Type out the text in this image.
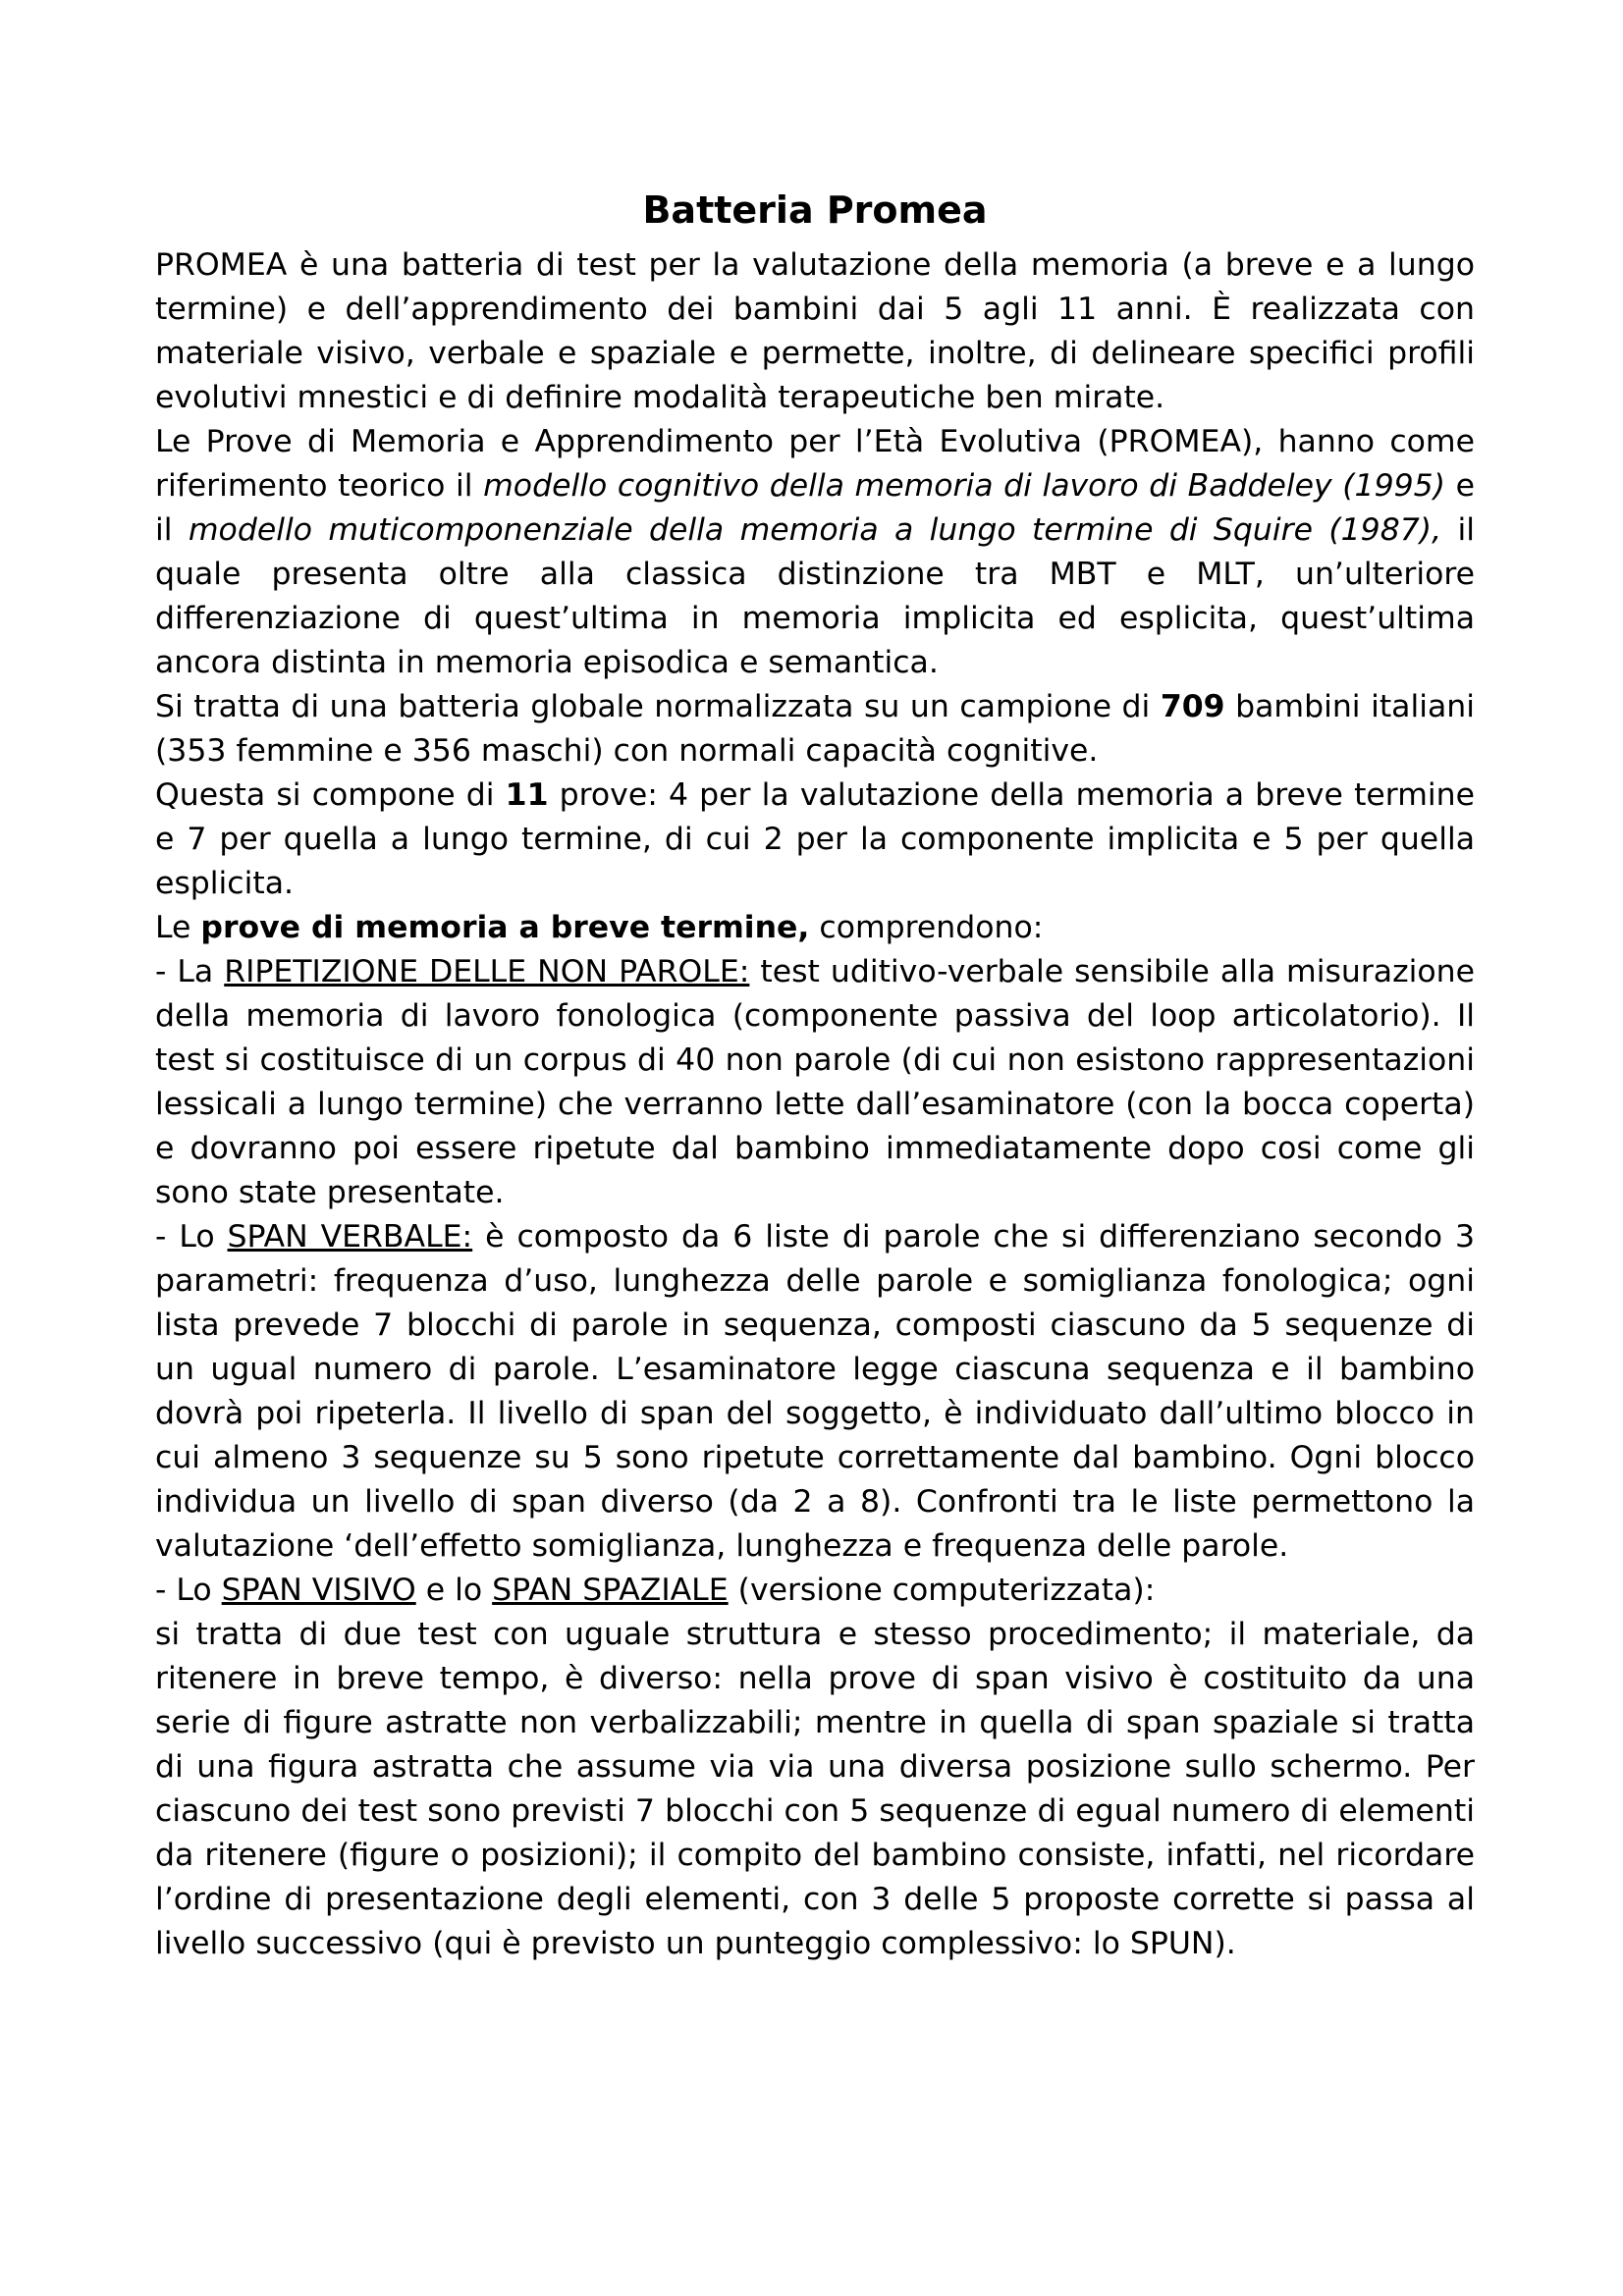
Batteria Promea

PROMEA è una batteria di test per la valutazione della memoria (a breve e a lungo termine) e dell’apprendimento dei bambini dai 5 agli 11 anni. È realizzata con materiale visivo, verbale e spaziale e permette, inoltre, di delineare specifici profili evolutivi mnestici e di definire modalità terapeutiche ben mirate.

Le Prove di Memoria e Apprendimento per l’Età Evolutiva (PROMEA), hanno come riferimento teorico il modello cognitivo della memoria di lavoro di Baddeley (1995) e il modello muticomponenziale della memoria a lungo termine di Squire (1987), il quale presenta oltre alla classica distinzione tra MBT e MLT, un’ulteriore differenziazione di quest’ultima in memoria implicita ed esplicita, quest’ultima ancora distinta in memoria episodica e semantica.

Si tratta di una batteria globale normalizzata su un campione di 709 bambini italiani (353 femmine e 356 maschi) con normali capacità cognitive.

Questa si compone di 11 prove: 4 per la valutazione della memoria a breve termine e 7 per quella a lungo termine, di cui 2 per la componente implicita e 5 per quella esplicita.

Le prove di memoria a breve termine, comprendono:

- La RIPETIZIONE DELLE NON PAROLE: test uditivo-verbale sensibile alla misurazione della memoria di lavoro fonologica (componente passiva del loop articolatorio). Il test si costituisce di un corpus di 40 non parole (di cui non esistono rappresentazioni lessicali a lungo termine) che verranno lette dall’esaminatore (con la bocca coperta) e dovranno poi essere ripetute dal bambino immediatamente dopo cosi come gli sono state presentate.

- Lo SPAN VERBALE: è composto da 6 liste di parole che si differenziano secondo 3 parametri: frequenza d’uso, lunghezza delle parole e somiglianza fonologica; ogni lista prevede 7 blocchi di parole in sequenza, composti ciascuno da 5 sequenze di un ugual numero di parole. L’esaminatore legge ciascuna sequenza e il bambino dovrà poi ripeterla. Il livello di span del soggetto, è individuato dall’ultimo blocco in cui almeno 3 sequenze su 5 sono ripetute correttamente dal bambino. Ogni blocco individua un livello di span diverso (da 2 a 8). Confronti tra le liste permettono la valutazione ‘dell’effetto somiglianza, lunghezza e frequenza delle parole.

- Lo SPAN VISIVO e lo SPAN SPAZIALE (versione computerizzata):

si tratta di due test con uguale struttura e stesso procedimento; il materiale, da ritenere in breve tempo, è diverso: nella prove di span visivo è costituito da una serie di figure astratte non verbalizzabili; mentre in quella di span spaziale si tratta di una figura astratta che assume via via una diversa posizione sullo schermo. Per ciascuno dei test sono previsti 7 blocchi con 5 sequenze di egual numero di elementi da ritenere (figure o posizioni); il compito del bambino consiste, infatti, nel ricordare l’ordine di presentazione degli elementi, con 3 delle 5 proposte corrette si passa al livello successivo (qui è previsto un punteggio complessivo: lo SPUN).
